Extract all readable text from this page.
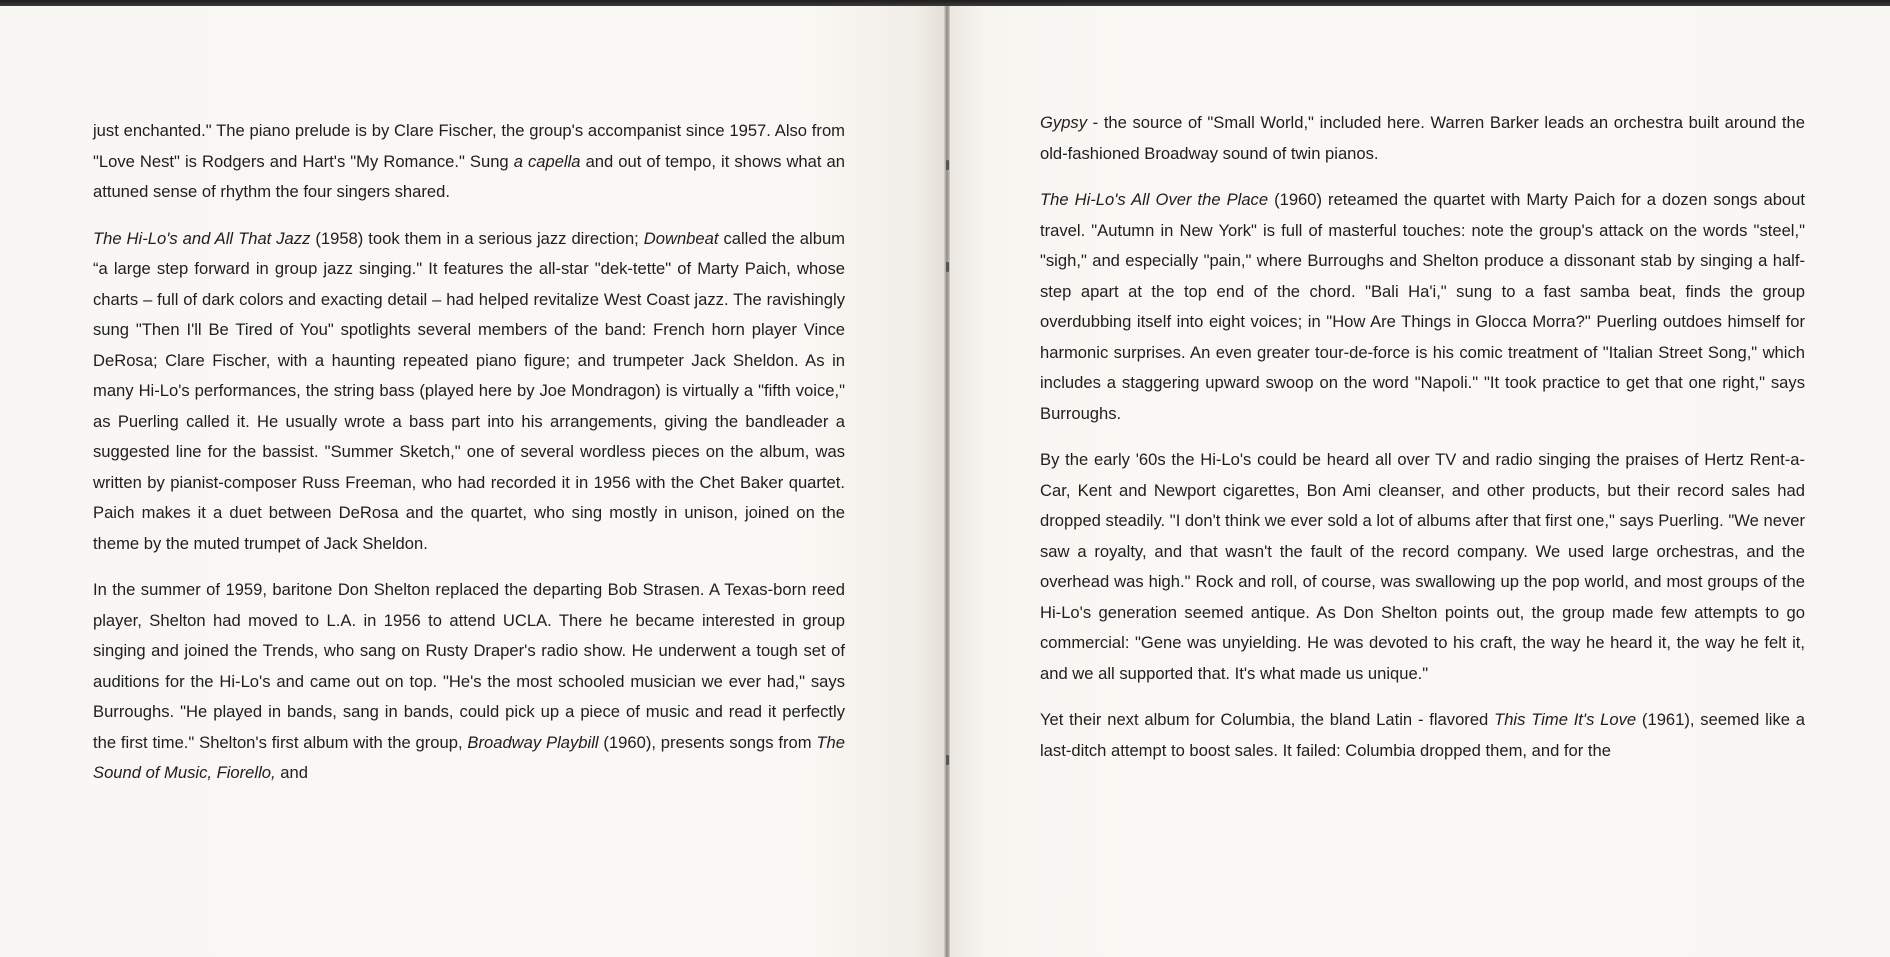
just enchanted." The piano prelude is by Clare Fischer, the group's accompanist since 1957. Also from "Love Nest" is Rodgers and Hart's "My Romance." Sung a capella and out of tempo, it shows what an attuned sense of rhythm the four singers shared.

The Hi-Lo's and All That Jazz (1958) took them in a serious jazz direction; Downbeat called the album “a large step forward in group jazz singing." It features the all-star "dek-tette" of Marty Paich, whose charts – full of dark colors and exacting detail – had helped revitalize West Coast jazz. The ravishingly sung "Then I'll Be Tired of You" spotlights several members of the band: French horn player Vince DeRosa; Clare Fischer, with a haunting repeated piano figure; and trumpeter Jack Sheldon. As in many Hi-Lo's performances, the string bass (played here by Joe Mondragon) is virtually a "fifth voice," as Puerling called it. He usually wrote a bass part into his arrangements, giving the bandleader a suggested line for the bassist. "Summer Sketch," one of several wordless pieces on the album, was written by pianist-composer Russ Freeman, who had recorded it in 1956 with the Chet Baker quartet. Paich makes it a duet between DeRosa and the quartet, who sing mostly in unison, joined on the theme by the muted trumpet of Jack Sheldon.

In the summer of 1959, baritone Don Shelton replaced the departing Bob Strasen. A Texas-born reed player, Shelton had moved to L.A. in 1956 to attend UCLA. There he became interested in group singing and joined the Trends, who sang on Rusty Draper's radio show. He underwent a tough set of auditions for the Hi-Lo's and came out on top. "He's the most schooled musician we ever had," says Burroughs. "He played in bands, sang in bands, could pick up a piece of music and read it perfectly the first time." Shelton's first album with the group, Broadway Playbill (1960), presents songs from The Sound of Music, Fiorello, and

Gypsy - the source of "Small World," included here. Warren Barker leads an orchestra built around the old-fashioned Broadway sound of twin pianos.

The Hi-Lo's All Over the Place (1960) reteamed the quartet with Marty Paich for a dozen songs about travel. "Autumn in New York" is full of masterful touches: note the group's attack on the words "steel," "sigh," and especially "pain," where Burroughs and Shelton produce a dissonant stab by singing a half-step apart at the top end of the chord. "Bali Ha'i," sung to a fast samba beat, finds the group overdubbing itself into eight voices; in "How Are Things in Glocca Morra?" Puerling outdoes himself for harmonic surprises. An even greater tour-de-force is his comic treatment of "Italian Street Song," which includes a staggering upward swoop on the word "Napoli." "It took practice to get that one right," says Burroughs.

By the early '60s the Hi-Lo's could be heard all over TV and radio singing the praises of Hertz Rent-a-Car, Kent and Newport cigarettes, Bon Ami cleanser, and other products, but their record sales had dropped steadily. "I don't think we ever sold a lot of albums after that first one," says Puerling. "We never saw a royalty, and that wasn't the fault of the record company. We used large orchestras, and the overhead was high." Rock and roll, of course, was swallowing up the pop world, and most groups of the Hi-Lo's generation seemed antique. As Don Shelton points out, the group made few attempts to go commercial: "Gene was unyielding. He was devoted to his craft, the way he heard it, the way he felt it, and we all supported that. It's what made us unique."

Yet their next album for Columbia, the bland Latin - flavored This Time It's Love (1961), seemed like a last-ditch attempt to boost sales. It failed: Columbia dropped them, and for the
